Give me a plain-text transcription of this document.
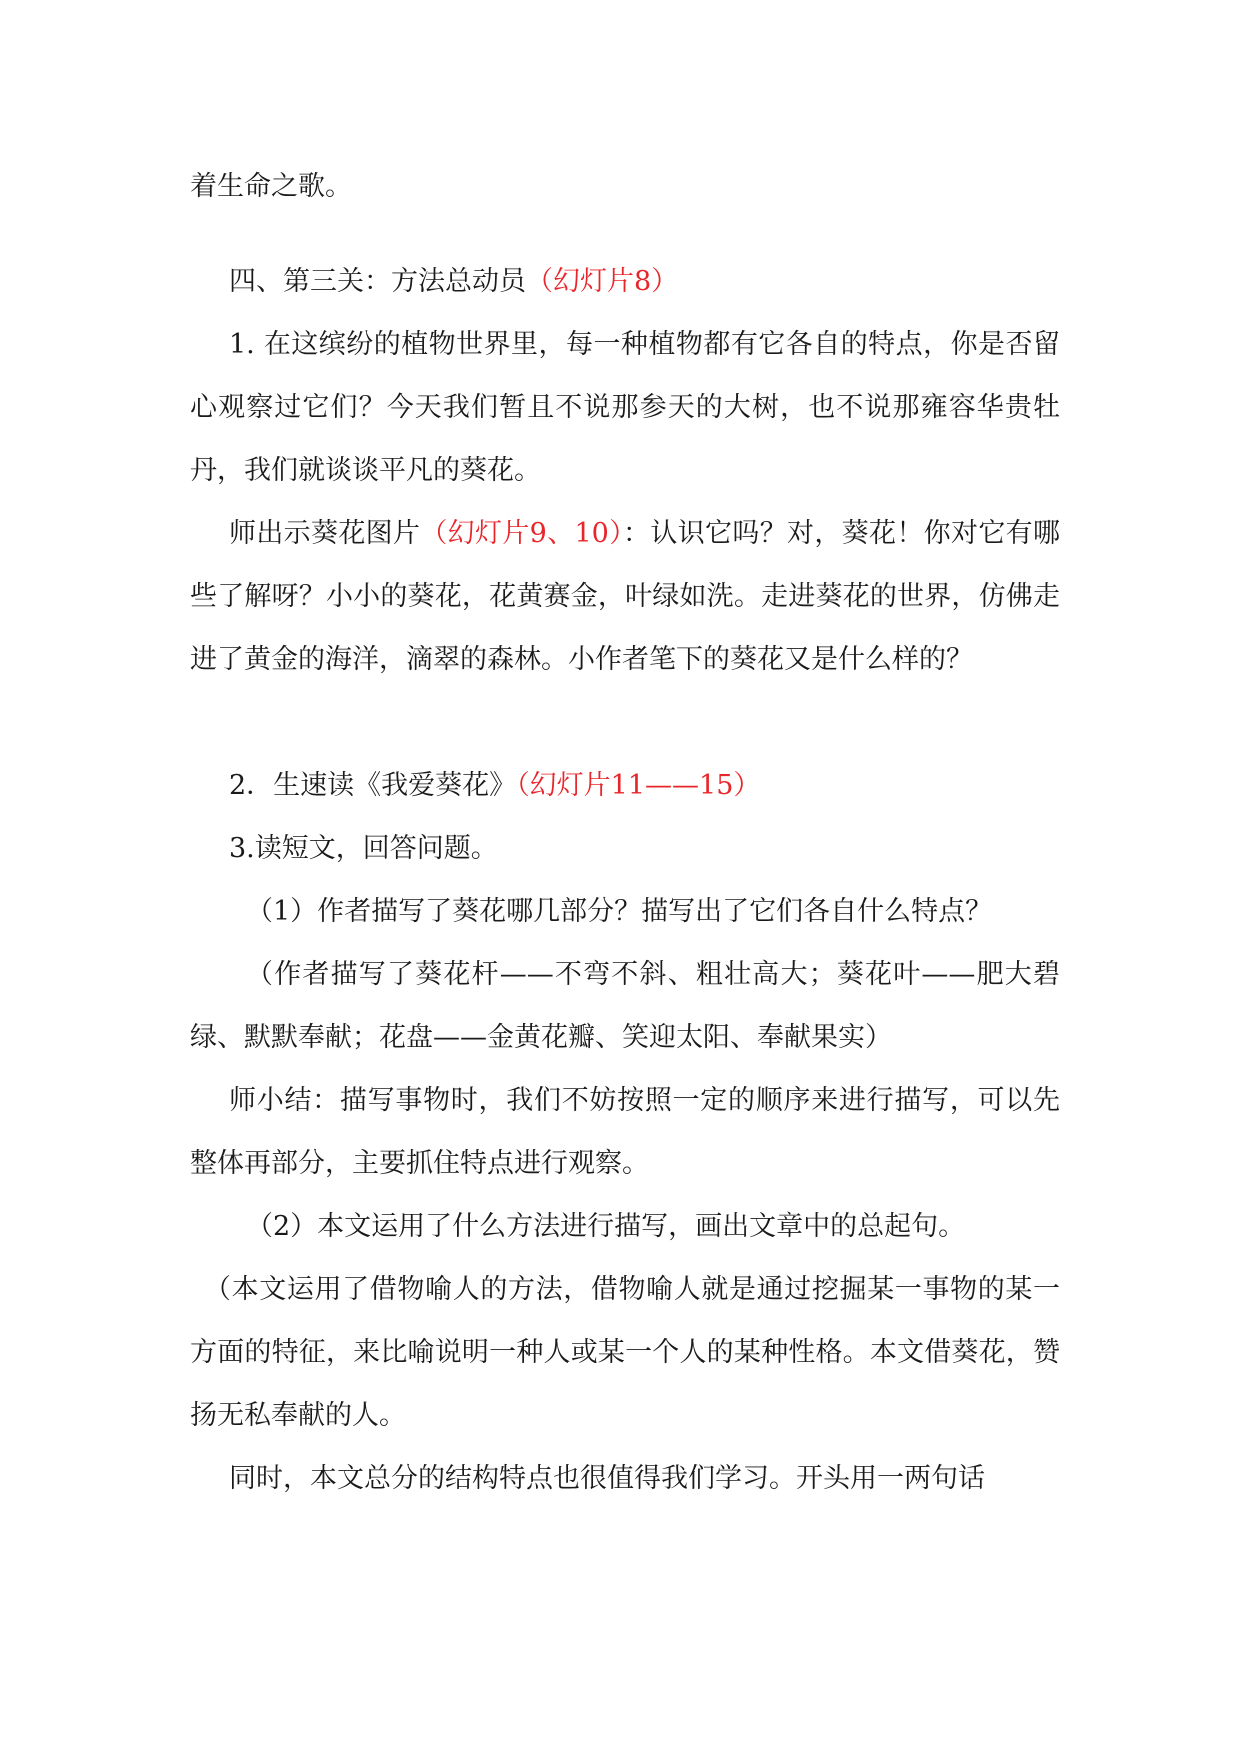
着生命之歌。

四、第三关：方法总动员（幻灯片8）

1. 在这缤纷的植物世界里，每一种植物都有它各自的特点，你是否留心观察过它们？今天我们暂且不说那参天的大树，也不说那雍容华贵牡丹，我们就谈谈平凡的葵花。

师出示葵花图片（幻灯片9、10）：认识它吗？对，葵花！你对它有哪些了解呀？小小的葵花，花黄赛金，叶绿如洗。走进葵花的世界，仿佛走进了黄金的海洋，滴翠的森林。小作者笔下的葵花又是什么样的？

2．生速读《我爱葵花》（幻灯片11——15）

3.读短文，回答问题。

（1）作者描写了葵花哪几部分？描写出了它们各自什么特点？

（作者描写了葵花杆——不弯不斜、粗壮高大；葵花叶——肥大碧绿、默默奉献；花盘——金黄花瓣、笑迎太阳、奉献果实）

师小结：描写事物时，我们不妨按照一定的顺序来进行描写，可以先整体再部分，主要抓住特点进行观察。

（2）本文运用了什么方法进行描写，画出文章中的总起句。

（本文运用了借物喻人的方法，借物喻人就是通过挖掘某一事物的某一方面的特征，来比喻说明一种人或某一个人的某种性格。本文借葵花，赞扬无私奉献的人。

同时，本文总分的结构特点也很值得我们学习。开头用一两句话
